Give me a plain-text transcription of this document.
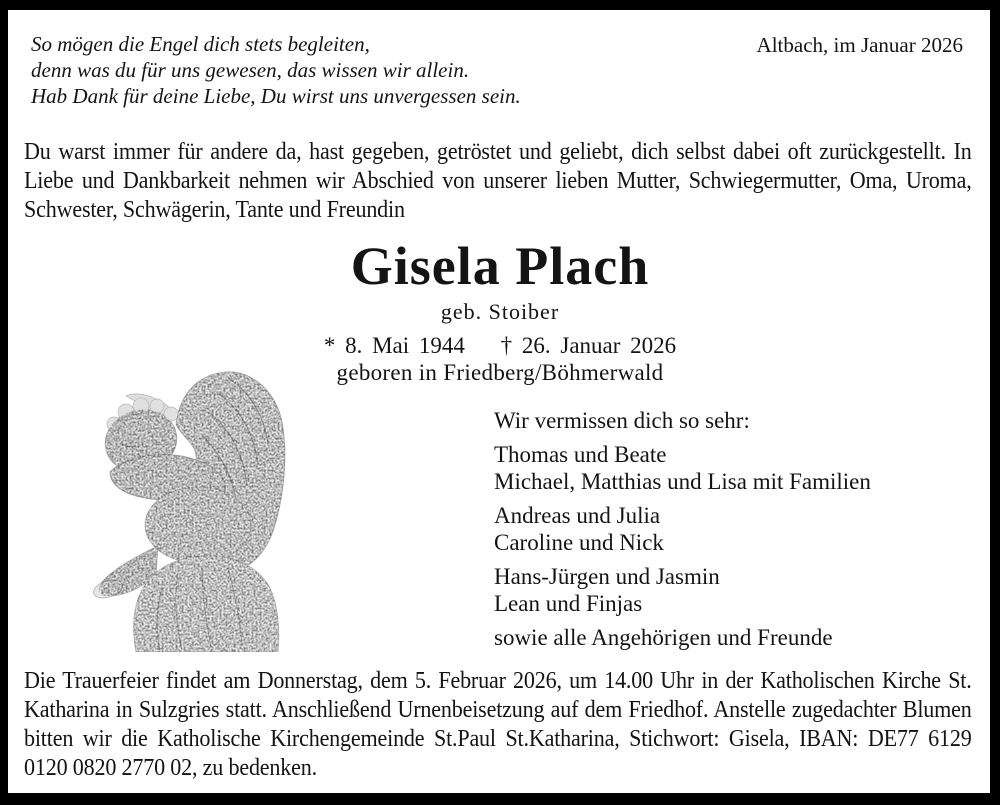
So mögen die Engel dich stets begleiten,
denn was du für uns gewesen, das wissen wir allein.
Hab Dank für deine Liebe, Du wirst uns unvergessen sein.
Altbach, im Januar 2026
Du warst immer für andere da, hast gegeben, getröstet und geliebt, dich selbst dabei oft zurückgestellt. In Liebe und Dankbarkeit nehmen wir Abschied von unserer lieben Mutter, Schwiegermutter, Oma, Uroma, Schwester, Schwägerin, Tante und Freundin
Gisela Plach
geb. Stoiber
* 8. Mai 1944 † 26. Januar 2026
geboren in Friedberg/Böhmerwald
Wir vermissen dich so sehr:
Thomas und Beate
Michael, Matthias und Lisa mit Familien
Andreas und Julia
Caroline und Nick
Hans-Jürgen und Jasmin
Lean und Finjas
sowie alle Angehörigen und Freunde
Die Trauerfeier findet am Donnerstag, dem 5. Februar 2026, um 14.00 Uhr in der Katholischen Kirche St. Katharina in Sulzgries statt. Anschließend Urnenbeisetzung auf dem Friedhof. Anstelle zugedachter Blumen bitten wir die Katholische Kirchengemeinde St.Paul St.Katharina, Stichwort: Gisela, IBAN: DE77 6129 0120 0820 2770 02, zu bedenken.
